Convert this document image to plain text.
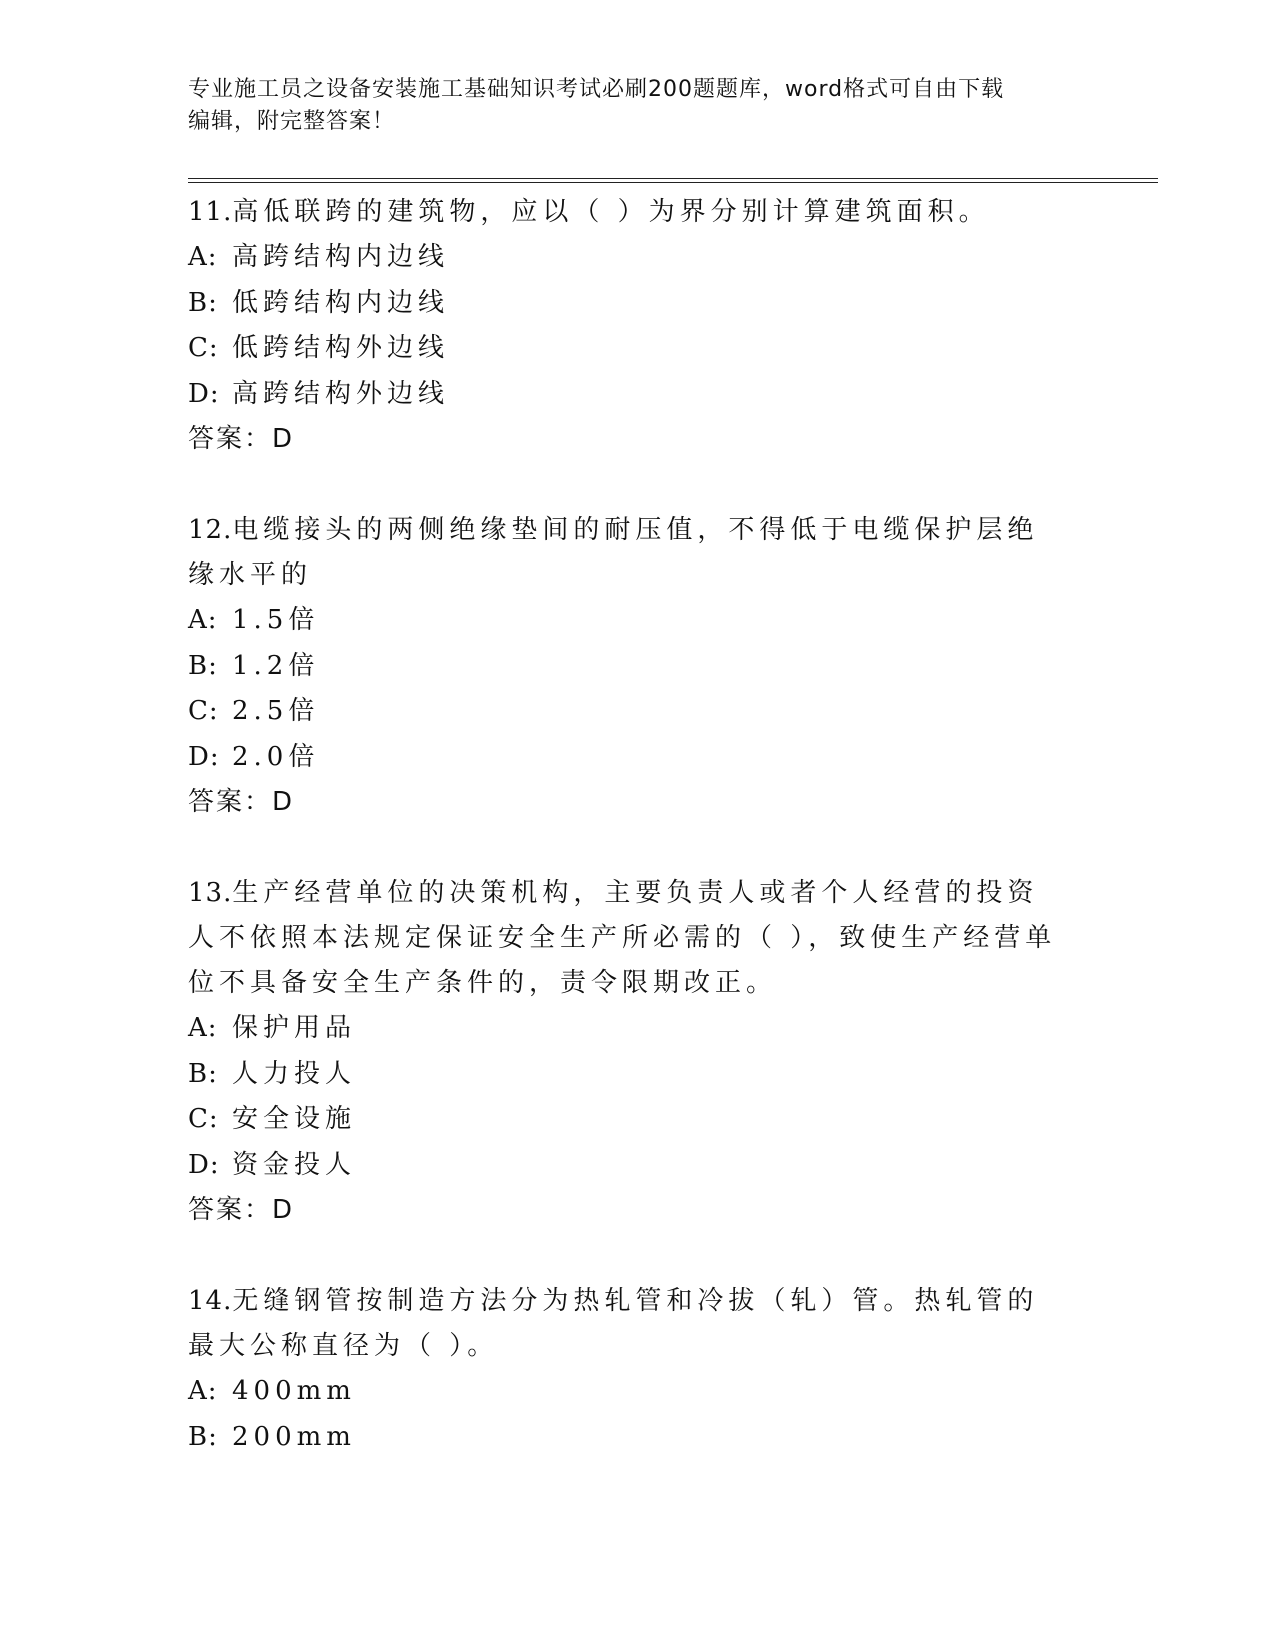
专业施工员之设备安装施工基础知识考试必刷200题题库，word格式可自由下载

编辑，附完整答案！

11.高低联跨的建筑物，应以（ ）为界分别计算建筑面积。

A: 高跨结构内边线

B: 低跨结构内边线

C: 低跨结构外边线

D: 高跨结构外边线

答案：D

12.电缆接头的两侧绝缘垫间的耐压值，不得低于电缆保护层绝缘水平的

A: 1.5倍

B: 1.2倍

C: 2.5倍

D: 2.0倍

答案：D

13.生产经营单位的决策机构，主要负责人或者个人经营的投资人不依照本法规定保证安全生产所必需的（ ），致使生产经营单位不具备安全生产条件的，责令限期改正。

A: 保护用品

B: 人力投人

C: 安全设施

D: 资金投人

答案：D

14.无缝钢管按制造方法分为热轧管和冷拔（轧）管。热轧管的最大公称直径为（ ）。

A: 400mm

B: 200mm
